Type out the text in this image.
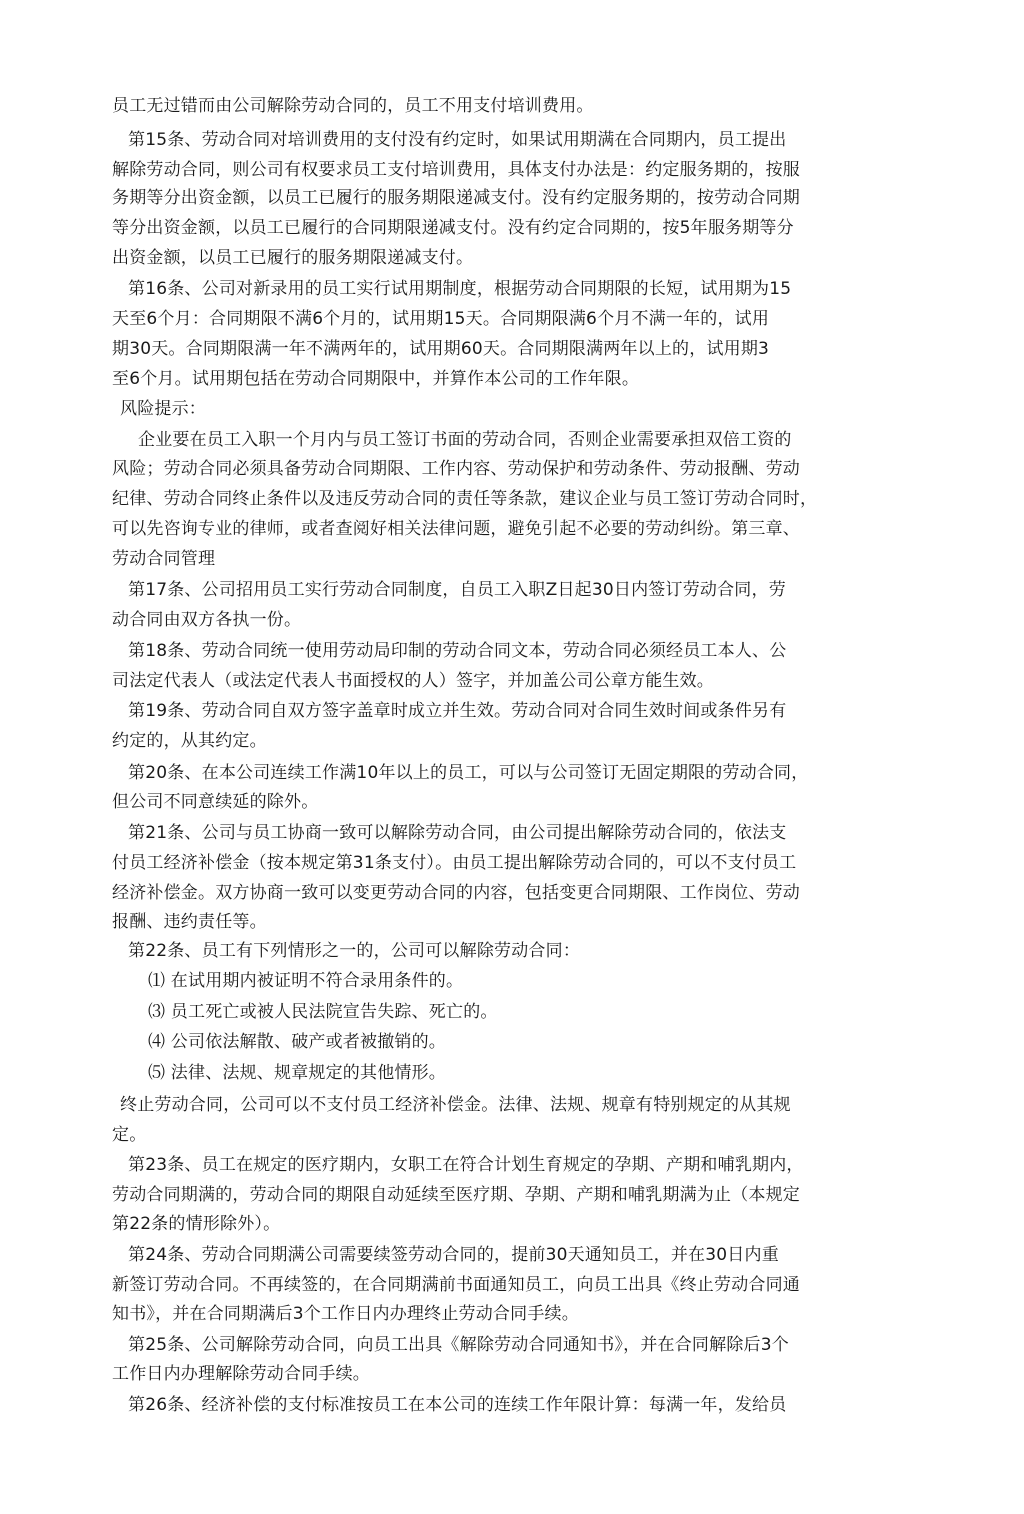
员工无过错而由公司解除劳动合同的，员工不用支付培训费用。
第15条、劳动合同对培训费用的支付没有约定时，如果试用期满在合同期内，员工提出
解除劳动合同，则公司有权要求员工支付培训费用，具体支付办法是：约定服务期的，按服
务期等分出资金额，以员工已履行的服务期限递减支付。没有约定服务期的，按劳动合同期
等分出资金额，以员工已履行的合同期限递减支付。没有约定合同期的，按5年服务期等分
出资金额，以员工已履行的服务期限递减支付。
第16条、公司对新录用的员工实行试用期制度，根据劳动合同期限的长短，试用期为15
天至6个月：合同期限不满6个月的，试用期15天。合同期限满6个月不满一年的，试用
期30天。合同期限满一年不满两年的，试用期60天。合同期限满两年以上的，试用期3
至6个月。试用期包括在劳动合同期限中，并算作本公司的工作年限。
风险提示：
企业要在员工入职一个月内与员工签订书面的劳动合同，否则企业需要承担双倍工资的
风险；劳动合同必须具备劳动合同期限、工作内容、劳动保护和劳动条件、劳动报酬、劳动
纪律、劳动合同终止条件以及违反劳动合同的责任等条款，建议企业与员工签订劳动合同时，
可以先咨询专业的律师，或者查阅好相关法律问题，避免引起不必要的劳动纠纷。第三章、
劳动合同管理
第17条、公司招用员工实行劳动合同制度，自员工入职Z日起30日内签订劳动合同，劳
动合同由双方各执一份。
第18条、劳动合同统一使用劳动局印制的劳动合同文本，劳动合同必须经员工本人、公
司法定代表人（或法定代表人书面授权的人）签字，并加盖公司公章方能生效。
第19条、劳动合同自双方签字盖章时成立并生效。劳动合同对合同生效时间或条件另有
约定的，从其约定。
第20条、在本公司连续工作满10年以上的员工，可以与公司签订无固定期限的劳动合同，
但公司不同意续延的除外。
第21条、公司与员工协商一致可以解除劳动合同，由公司提出解除劳动合同的，依法支
付员工经济补偿金（按本规定第31条支付）。由员工提出解除劳动合同的，可以不支付员工
经济补偿金。双方协商一致可以变更劳动合同的内容，包括变更合同期限、工作岗位、劳动
报酬、违约责任等。
第22条、员工有下列情形之一的，公司可以解除劳动合同：
⑴ 在试用期内被证明不符合录用条件的。
⑶ 员工死亡或被人民法院宣告失踪、死亡的。
⑷ 公司依法解散、破产或者被撤销的。
⑸ 法律、法规、规章规定的其他情形。
终止劳动合同，公司可以不支付员工经济补偿金。法律、法规、规章有特别规定的从其规
定。
第23条、员工在规定的医疗期内，女职工在符合计划生育规定的孕期、产期和哺乳期内，
劳动合同期满的，劳动合同的期限自动延续至医疗期、孕期、产期和哺乳期满为止（本规定
第22条的情形除外）。
第24条、劳动合同期满公司需要续签劳动合同的，提前30天通知员工，并在30日内重
新签订劳动合同。不再续签的，在合同期满前书面通知员工，向员工出具《终止劳动合同通
知书》，并在合同期满后3个工作日内办理终止劳动合同手续。
第25条、公司解除劳动合同，向员工出具《解除劳动合同通知书》，并在合同解除后3个
工作日内办理解除劳动合同手续。
第26条、经济补偿的支付标准按员工在本公司的连续工作年限计算：每满一年，发给员
